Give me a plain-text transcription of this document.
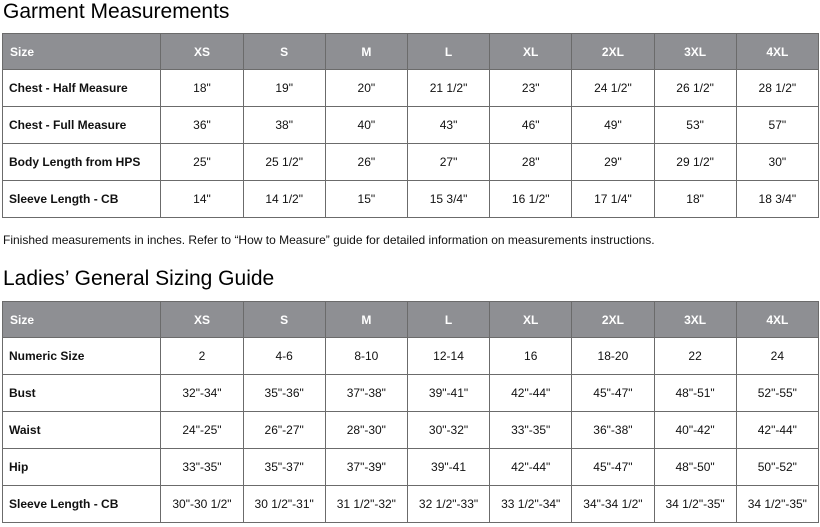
Garment Measurements
Size	XS	S	M	L	XL	2XL	3XL	4XL
Chest - Half Measure	18"	19"	20"	21 1/2"	23"	24 1/2"	26 1/2"	28 1/2"
Chest - Full Measure	36"	38"	40"	43"	46"	49"	53"	57"
Body Length from HPS	25"	25 1/2"	26"	27"	28"	29"	29 1/2"	30"
Sleeve Length - CB	14"	14 1/2"	15"	15 3/4"	16 1/2"	17 1/4"	18"	18 3/4"
Finished measurements in inches. Refer to “How to Measure” guide for detailed information on measurements instructions.
Ladies’ General Sizing Guide
Size	XS	S	M	L	XL	2XL	3XL	4XL
Numeric Size	2	4-6	8-10	12-14	16	18-20	22	24
Bust	32"-34"	35"-36"	37"-38"	39"-41"	42"-44"	45"-47"	48"-51"	52"-55"
Waist	24"-25"	26"-27"	28"-30"	30"-32"	33"-35"	36"-38"	40"-42"	42"-44"
Hip	33"-35"	35"-37"	37"-39"	39"-41	42"-44"	45"-47"	48"-50"	50"-52"
Sleeve Length - CB	30"-30 1/2"	30 1/2"-31"	31 1/2"-32"	32 1/2"-33"	33 1/2"-34"	34"-34 1/2"	34 1/2"-35"	34 1/2"-35"
